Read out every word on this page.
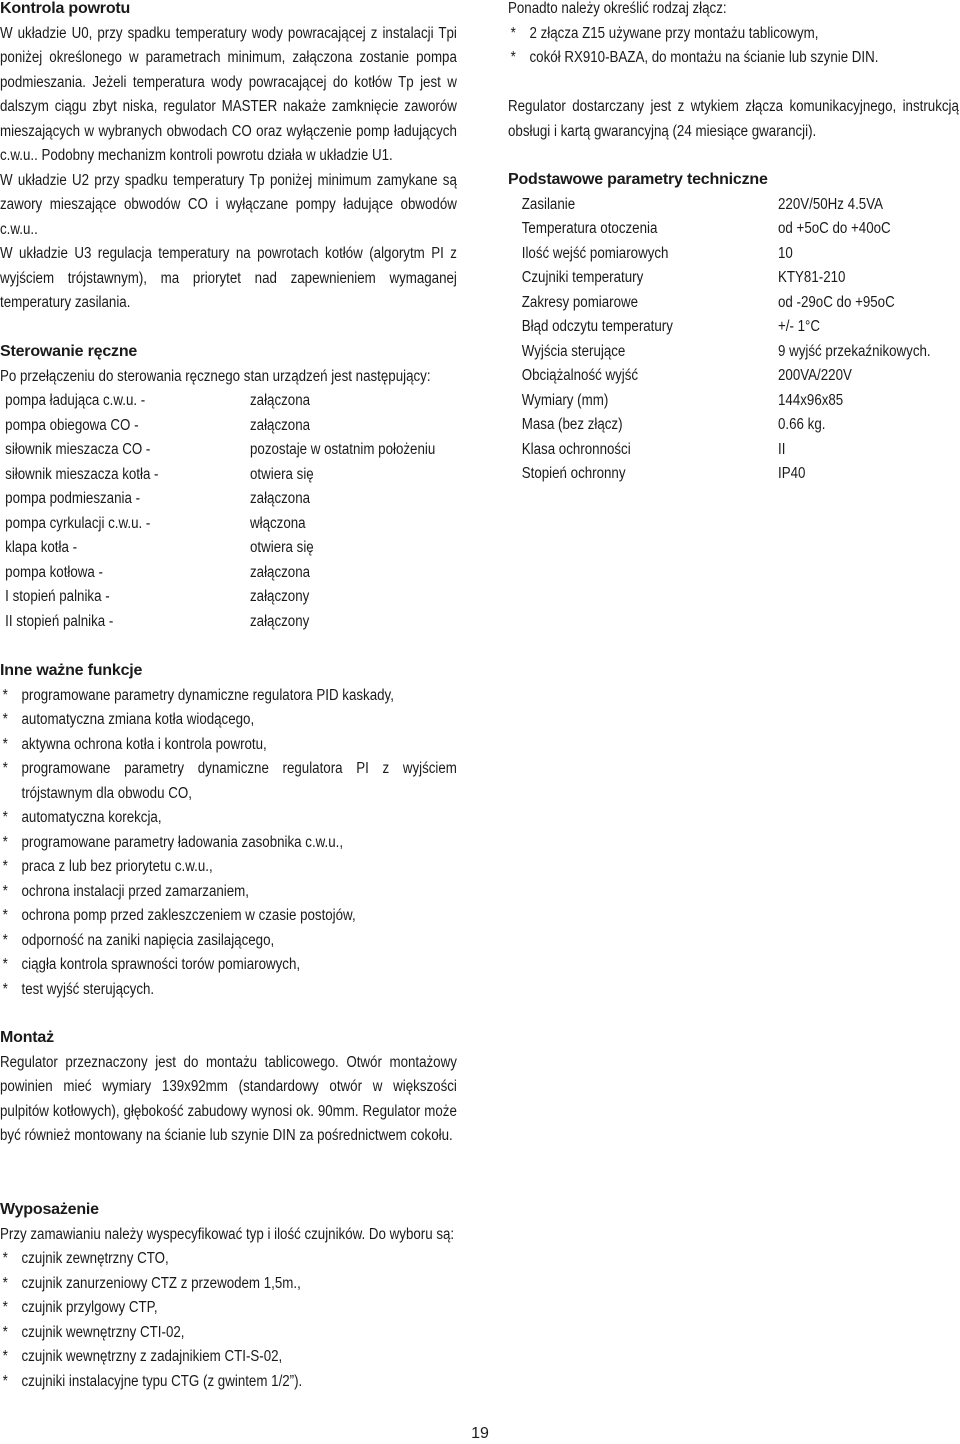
Kontrola powrotu

W układzie U0, przy spadku temperatury wody powracającej z instalacji Tpi poniżej określonego w parametrach minimum, załączona zostanie pompa podmieszania. Jeżeli temperatura wody powracającej do kotłów Tp jest w dalszym ciągu zbyt niska, regulator MASTER nakaże zamknięcie zaworów mieszających w wybranych obwodach CO oraz wyłączenie pomp ładujących c.w.u.. Podobny mechanizm kontroli powrotu działa w układzie U1.

W układzie U2 przy spadku temperatury Tp poniżej minimum zamykane są zawory mieszające obwodów CO i wyłączane pompy ładujące obwodów c.w.u..

W układzie U3 regulacja temperatury na powrotach kotłów (algorytm PI z wyjściem trójstawnym), ma priorytet nad zapewnieniem wymaganej temperatury zasilania.

Sterowanie ręczne

Po przełączeniu do sterowania ręcznego stan urządzeń jest następujący:

pompa ładująca c.w.u. -	załączona
pompa obiegowa CO -	załączona
siłownik mieszacza CO -	pozostaje w ostatnim położeniu
siłownik mieszacza kotła -	otwiera się
pompa podmieszania -	załączona
pompa cyrkulacji c.w.u. -	włączona
klapa kotła -	otwiera się
pompa kotłowa -	załączona
I stopień palnika -	załączony
II stopień palnika -	załączony

Ponadto należy określić rodzaj złącz:

* 2 złącza Z15 używane przy montażu tablicowym,
* cokół RX910-BAZA, do montażu na ścianie lub szynie DIN.

Regulator dostarczany jest z wtykiem złącza komunikacyjnego, instrukcją obsługi i kartą gwarancyjną (24 miesiące gwarancji).

Podstawowe parametry techniczne
Zasilanie	220V/50Hz 4.5VA
Temperatura otoczenia	od +5oC do +40oC
Ilość wejść pomiarowych	10
Czujniki temperatury	KTY81-210
Zakresy pomiarowe	od -29oC do +95oC
Błąd odczytu temperatury	+/- 1°C
Wyjścia sterujące	9 wyjść przekaźnikowych.
Obciążalność wyjść	200VA/220V
Wymiary (mm)	144x96x85
Masa (bez złącz)	0.66 kg.
Klasa ochronności	II
Stopień ochronny	IP40
Inne ważne funkcje
* programowane parametry dynamiczne regulatora PID kaskady,
* automatyczna zmiana kotła wiodącego,
* aktywna ochrona kotła i kontrola powrotu,
* programowane parametry dynamiczne regulatora PI z wyjściem trójstawnym dla obwodu CO,
* automatyczna korekcja,
* programowane parametry ładowania zasobnika c.w.u.,
* praca z lub bez priorytetu c.w.u.,
* ochrona instalacji przed zamarzaniem,
* ochrona pomp przed zakleszczeniem w czasie postojów,
* odporność na zaniki napięcia zasilającego,
* ciągła kontrola sprawności torów pomiarowych,
* test wyjść sterujących.
Montaż

Regulator przeznaczony jest do montażu tablicowego. Otwór montażowy powinien mieć wymiary 139x92mm (standardowy otwór w większości pulpitów kotłowych), głębokość zabudowy wynosi ok. 90mm. Regulator może być również montowany na ścianie lub szynie DIN za pośrednictwem cokołu.

Wyposażenie

Przy zamawianiu należy wyspecyfikować typ i ilość czujników. Do wyboru są:

* czujnik zewnętrzny CTO,
* czujnik zanurzeniowy CTZ z przewodem 1,5m.,
* czujnik przylgowy CTP,
* czujnik wewnętrzny CTI-02,
* czujnik wewnętrzny z zadajnikiem CTI-S-02,
* czujniki instalacyjne typu CTG (z gwintem 1/2”).
19
